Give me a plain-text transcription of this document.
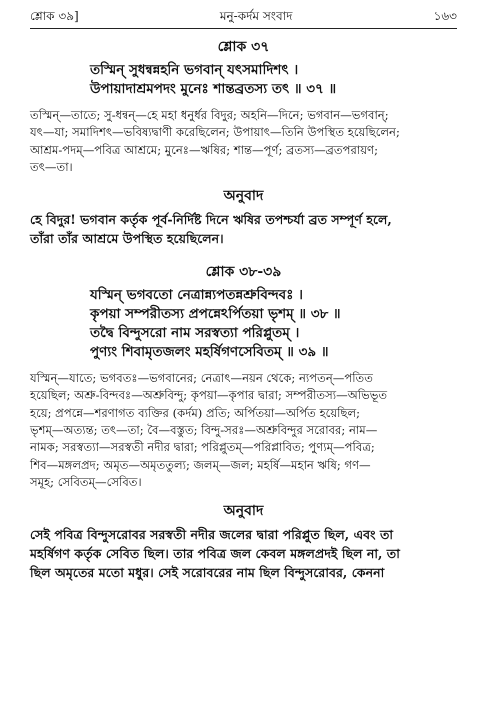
শ্লোক ৩৯]	মনু-কর্দম সংবাদ	১৬৩
শ্লোক ৩৭
তস্মিন্ সুধন্বন্নহনি ভগবান্ যৎসমাদিশৎ ।
উপায়াদাশ্রমপদং মুনেঃ শান্তব্রতস্য তৎ ॥ ৩৭ ॥
তস্মিন্—তাতে; সু-ধন্বন্—হে মহা ধনুর্ধর বিদুর; অহনি—দিনে; ভগবান—ভগবান্;
যৎ—যা; সমাদিশৎ—ভবিষ্যদ্বাণী করেছিলেন; উপায়াৎ—তিনি উপস্থিত হয়েছিলেন;
আশ্রম-পদম্—পবিত্র আশ্রমে; মুনেঃ—ঋষির; শান্ত—পূর্ণ; ব্রতস্য—ব্রতপরায়ণ;
তৎ—তা।
অনুবাদ
হে বিদুর! ভগবান কর্তৃক পূর্ব-নির্দিষ্ট দিনে ঋষির তপশ্চর্যা ব্রত সম্পূর্ণ হলে,
তাঁরা তাঁর আশ্রমে উপস্থিত হয়েছিলেন।
শ্লোক ৩৮-৩৯
যস্মিন্ ভগবতো নেত্রান্ন্যপতন্নশ্রুবিন্দবঃ ।
কৃপয়া সম্পরীতস্য প্রপন্নেঽর্পিতয়া ভৃশম্ ॥ ৩৮ ॥
তদ্বৈ বিন্দুসরো নাম সরস্বত্যা পরিপ্লুতম্ ।
পুণ্যং শিবামৃতজলং মহর্ষিগণসেবিতম্ ॥ ৩৯ ॥
যস্মিন্—যাতে; ভগবতঃ—ভগবানের; নেত্রাৎ—নয়ন থেকে; ন্যপতন্—পতিত
হয়েছিল; অশ্রু-বিন্দবঃ—অশ্রুবিন্দু; কৃপয়া—কৃপার দ্বারা; সম্পরীতস্য—অভিভূত
হয়ে; প্রপন্নে—শরণাগত ব্যক্তির (কর্দম) প্রতি; অর্পিতয়া—অর্পিত হয়েছিল;
ভৃশম্—অত্যন্ত; তৎ—তা; বৈ—বস্তুত; বিন্দু-সরঃ—অশ্রুবিন্দুর সরোবর; নাম—
নামক; সরস্বত্যা—সরস্বতী নদীর দ্বারা; পরিপ্লুতম্—পরিপ্লাবিত; পুণ্যম্—পবিত্র;
শিব—মঙ্গলপ্রদ; অমৃত—অমৃততুল্য; জলম্—জল; মহর্ষি—মহান ঋষি; গণ—
সমূহ; সেবিতম্—সেবিত।
অনুবাদ
সেই পবিত্র বিন্দুসরোবর সরস্বতী নদীর জলের দ্বারা পরিপ্লুত ছিল, এবং তা
মহর্ষিগণ কর্তৃক সেবিত ছিল। তার পবিত্র জল কেবল মঙ্গলপ্রদই ছিল না, তা
ছিল অমৃতের মতো মধুর। সেই সরোবরের নাম ছিল বিন্দুসরোবর, কেননা
